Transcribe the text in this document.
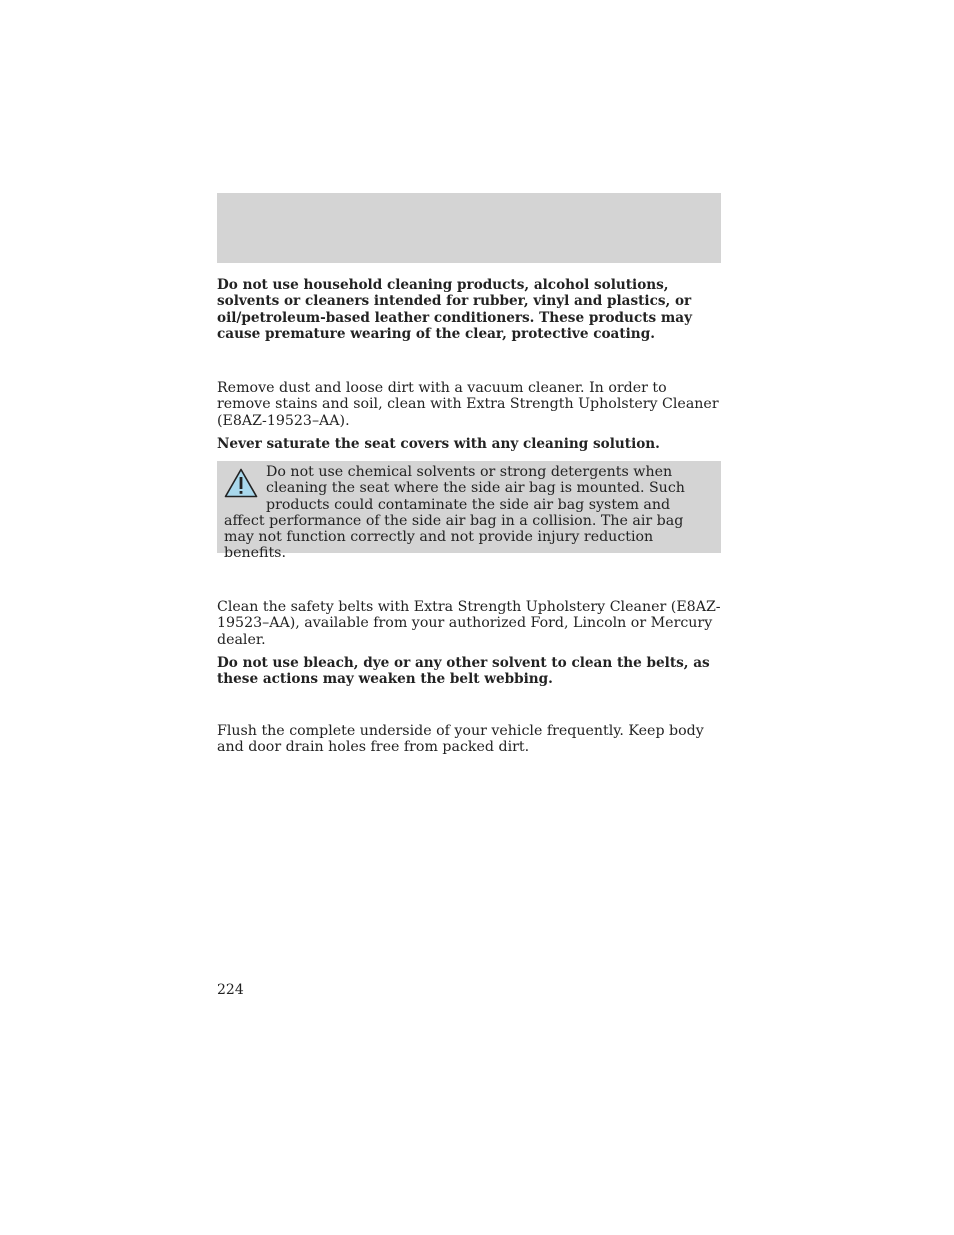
Do not use household cleaning products, alcohol solutions, solvents or cleaners intended for rubber, vinyl and plastics, or oil/petroleum-based leather conditioners. These products may cause premature wearing of the clear, protective coating.

Remove dust and loose dirt with a vacuum cleaner. In order to remove stains and soil, clean with Extra Strength Upholstery Cleaner (E8AZ-19523–AA).

Never saturate the seat covers with any cleaning solution.

Do not use chemical solvents or strong detergents when cleaning the seat where the side air bag is mounted. Such products could contaminate the side air bag system and affect performance of the side air bag in a collision. The air bag may not function correctly and not provide injury reduction benefits.

Clean the safety belts with Extra Strength Upholstery Cleaner (E8AZ-19523–AA), available from your authorized Ford, Lincoln or Mercury dealer.

Do not use bleach, dye or any other solvent to clean the belts, as these actions may weaken the belt webbing.

Flush the complete underside of your vehicle frequently. Keep body and door drain holes free from packed dirt.

224
